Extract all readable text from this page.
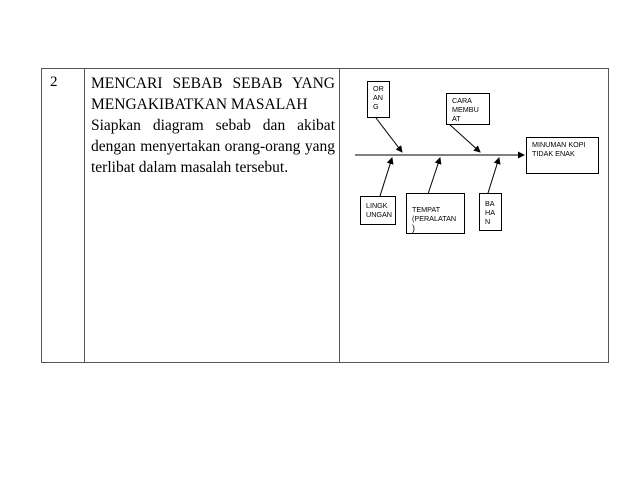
2 MENCARI SEBAB SEBAB YANG
MENGAKIBATKAN MASALAH
Siapkan diagram sebab dan akibat dengan menyertakan orang-orang yang terlibat dalam masalah tersebut.
OR
AN
G
CARA
MEMBU
AT
MINUMAN KOPI
TIDAK ENAK
LINGK
UNGAN

TEMPAT
(PERALATAN

)

BA
HA
N
